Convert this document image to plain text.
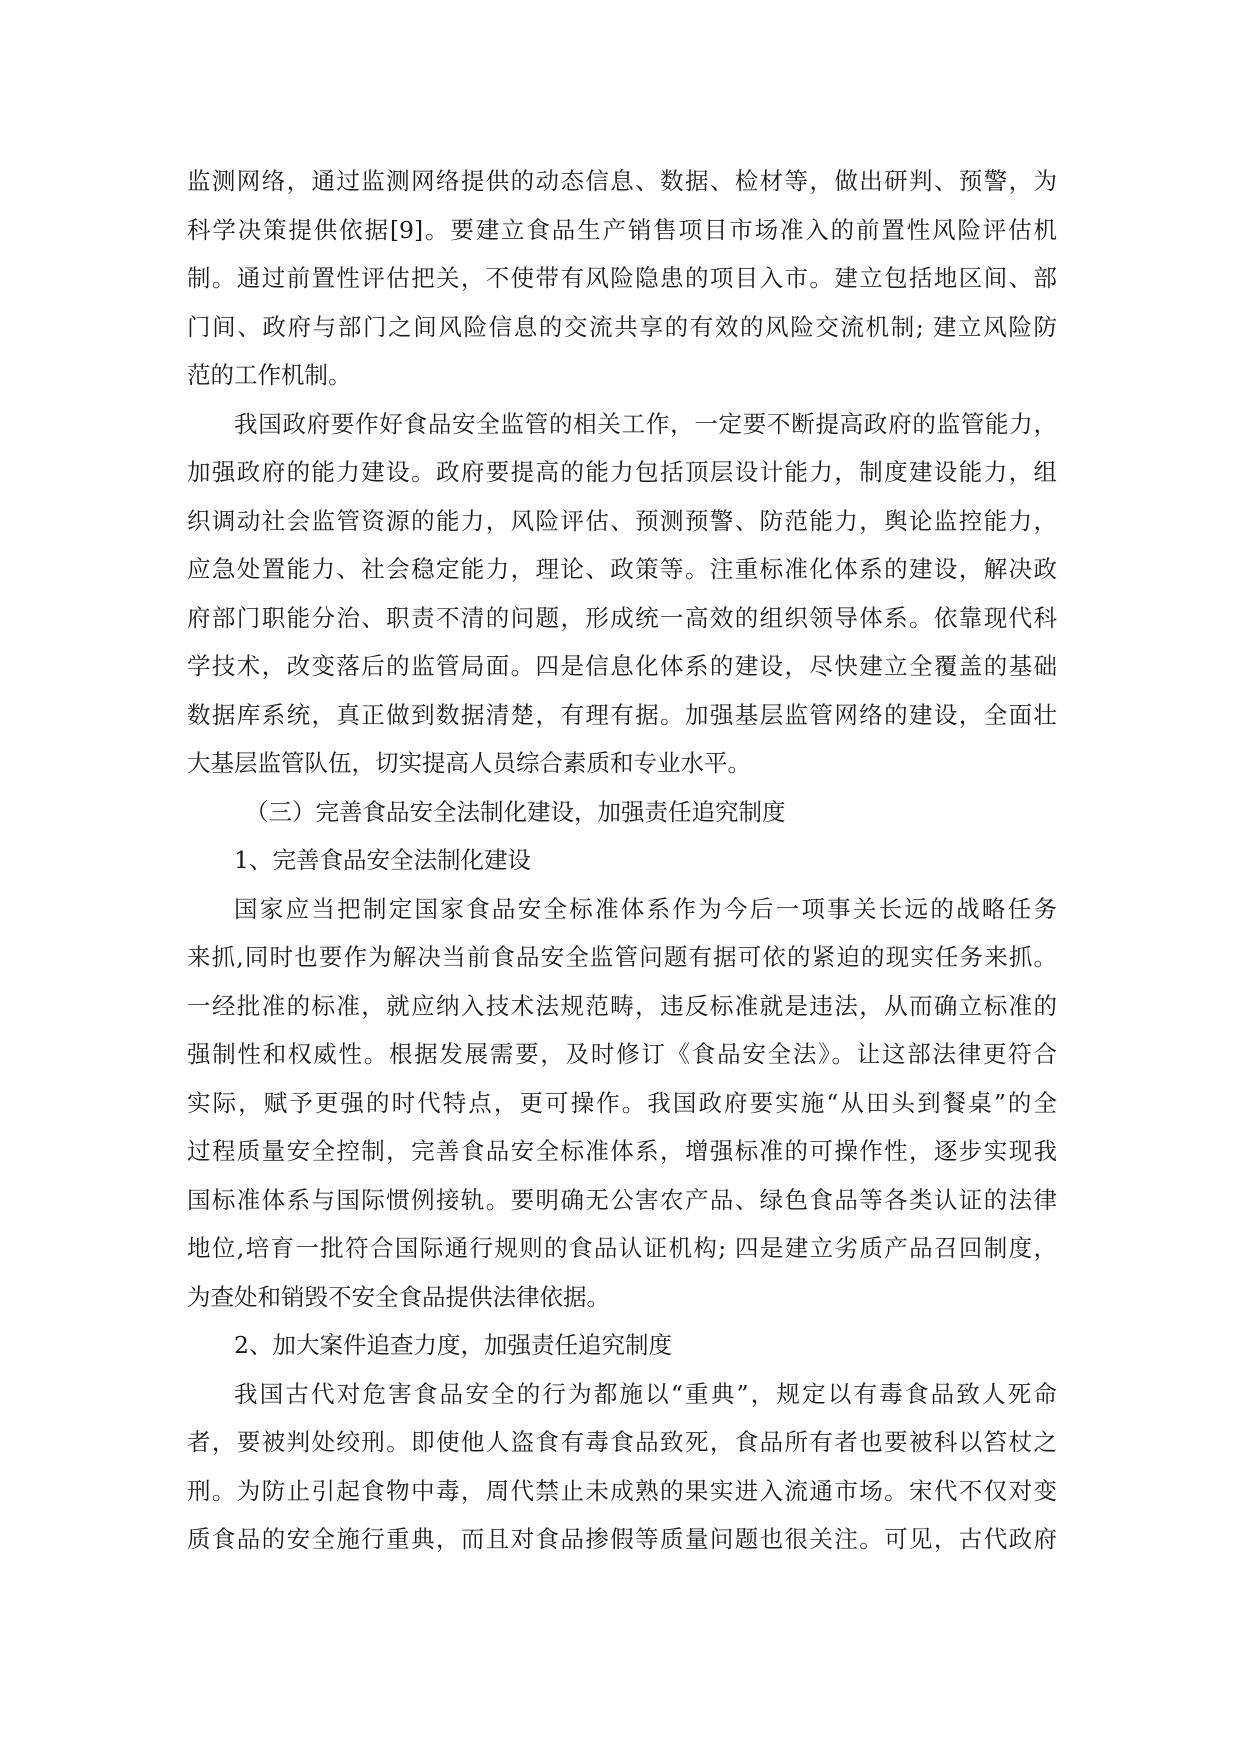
监测网络，通过监测网络提供的动态信息、数据、检材等，做出研判、预警，为
科学决策提供依据[9]。要建立食品生产销售项目市场准入的前置性风险评估机
制。通过前置性评估把关，不使带有风险隐患的项目入市。建立包括地区间、部
门间、政府与部门之间风险信息的交流共享的有效的风险交流机制; 建立风险防
范的工作机制。
我国政府要作好食品安全监管的相关工作，一定要不断提高政府的监管能力，
加强政府的能力建设。政府要提高的能力包括顶层设计能力，制度建设能力，组
织调动社会监管资源的能力，风险评估、预测预警、防范能力，舆论监控能力，
应急处置能力、社会稳定能力，理论、政策等。注重标准化体系的建设，解决政
府部门职能分治、职责不清的问题，形成统一高效的组织领导体系。依靠现代科
学技术，改变落后的监管局面。四是信息化体系的建设，尽快建立全覆盖的基础
数据库系统，真正做到数据清楚，有理有据。加强基层监管网络的建设，全面壮
大基层监管队伍，切实提高人员综合素质和专业水平。
（三）完善食品安全法制化建设，加强责任追究制度
1、完善食品安全法制化建设
国家应当把制定国家食品安全标准体系作为今后一项事关长远的战略任务
来抓,同时也要作为解决当前食品安全监管问题有据可依的紧迫的现实任务来抓。
一经批准的标准，就应纳入技术法规范畴，违反标准就是违法，从而确立标准的
强制性和权威性。根据发展需要，及时修订《食品安全法》。让这部法律更符合
实际，赋予更强的时代特点，更可操作。我国政府要实施“从田头到餐桌”的全
过程质量安全控制，完善食品安全标准体系，增强标准的可操作性，逐步实现我
国标准体系与国际惯例接轨。要明确无公害农产品、绿色食品等各类认证的法律
地位,培育一批符合国际通行规则的食品认证机构; 四是建立劣质产品召回制度，
为查处和销毁不安全食品提供法律依据。
2、加大案件追查力度，加强责任追究制度
我国古代对危害食品安全的行为都施以“重典”，规定以有毒食品致人死命
者，要被判处绞刑。即使他人盗食有毒食品致死，食品所有者也要被科以笞杖之
刑。为防止引起食物中毒，周代禁止未成熟的果实进入流通市场。宋代不仅对变
质食品的安全施行重典，而且对食品掺假等质量问题也很关注。可见，古代政府
